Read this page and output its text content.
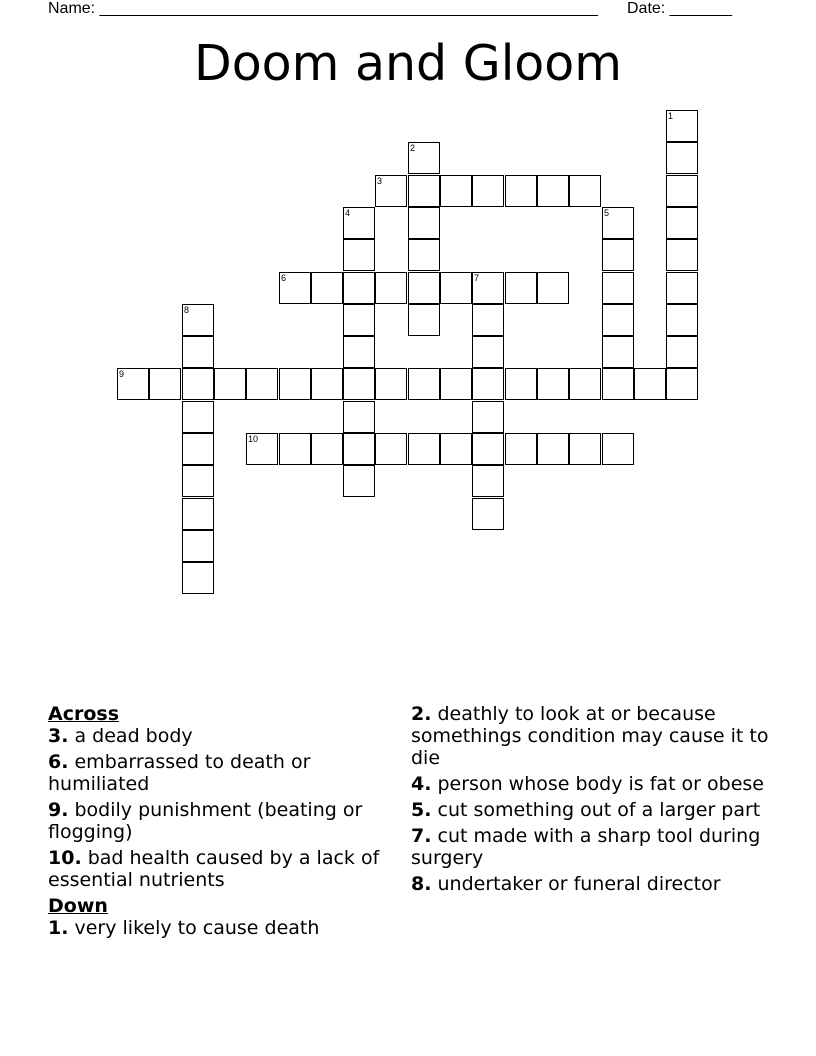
Name: ________________________________________________________ Date: _______
Doom and Gloom
1
2
3
4	5
6	7
8
9
10
Across
3. a dead body
6. embarrassed to death or humiliated
9. bodily punishment (beating or flogging)
10. bad health caused by a lack of essential nutrients
Down
1. very likely to cause death
2. deathly to look at or because somethings condition may cause it to die
4. person whose body is fat or obese
5. cut something out of a larger part
7. cut made with a sharp tool during surgery
8. undertaker or funeral director
